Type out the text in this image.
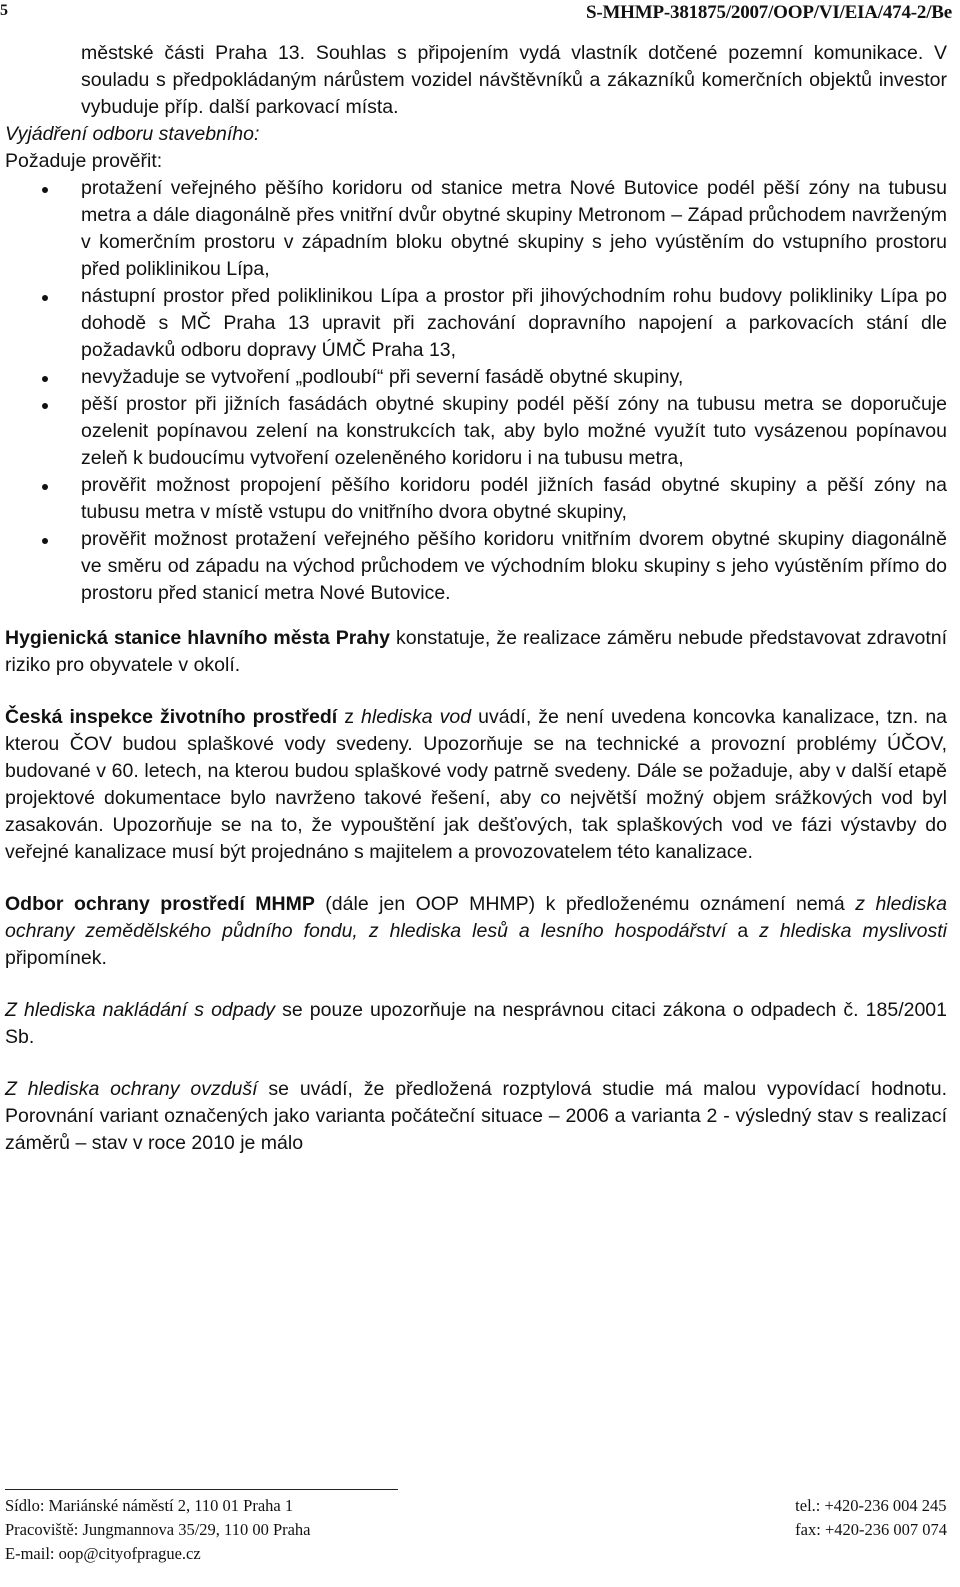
5	S-MHMP-381875/2007/OOP/VI/EIA/474-2/Be

městské části Praha 13. Souhlas s připojením vydá vlastník dotčené pozemní komunikace. V souladu s předpokládaným nárůstem vozidel návštěvníků a zákazníků komerčních objektů investor vybuduje příp. další parkovací místa.

Vyjádření odboru stavebního:

Požaduje prověřit:

protažení veřejného pěšího koridoru od stanice metra Nové Butovice podél pěší zóny na tubusu metra a dále diagonálně přes vnitřní dvůr obytné skupiny Metronom – Západ průchodem navrženým v komerčním prostoru v západním bloku obytné skupiny s jeho vyústěním do vstupního prostoru před poliklinikou Lípa,
nástupní prostor před poliklinikou Lípa a prostor při jihovýchodním rohu budovy polikliniky Lípa po dohodě s MČ Praha 13 upravit při zachování dopravního napojení a parkovacích stání dle požadavků odboru dopravy ÚMČ Praha 13,
nevyžaduje se vytvoření „podloubí“ při severní fasádě obytné skupiny,
pěší prostor při jižních fasádách obytné skupiny podél pěší zóny na tubusu metra se doporučuje ozelenit popínavou zelení na konstrukcích tak, aby bylo možné využít tuto vysázenou popínavou zeleň k budoucímu vytvoření ozeleněného koridoru i na tubusu metra,
prověřit možnost propojení pěšího koridoru podél jižních fasád obytné skupiny a pěší zóny na tubusu metra v místě vstupu do vnitřního dvora obytné skupiny,
prověřit možnost protažení veřejného pěšího koridoru vnitřním dvorem obytné skupiny diagonálně ve směru od západu na východ průchodem ve východním bloku skupiny s jeho vyústěním přímo do prostoru před stanicí metra Nové Butovice.

Hygienická stanice hlavního města Prahy konstatuje, že realizace záměru nebude představovat zdravotní riziko pro obyvatele v okolí.

Česká inspekce životního prostředí z hlediska vod uvádí, že není uvedena koncovka kanalizace, tzn. na kterou ČOV budou splaškové vody svedeny. Upozorňuje se na technické a provozní problémy ÚČOV, budované v 60. letech, na kterou budou splaškové vody patrně svedeny. Dále se požaduje, aby v další etapě projektové dokumentace bylo navrženo takové řešení, aby co největší možný objem srážkových vod byl zasakován. Upozorňuje se na to, že vypouštění jak dešťových, tak splaškových vod ve fázi výstavby do veřejné kanalizace musí být projednáno s majitelem a provozovatelem této kanalizace.

Odbor ochrany prostředí MHMP (dále jen OOP MHMP) k předloženému oznámení nemá z hlediska ochrany zemědělského půdního fondu, z hlediska lesů a lesního hospodářství a z hlediska myslivosti připomínek.

Z hlediska nakládání s odpady se pouze upozorňuje na nesprávnou citaci zákona o odpadech č. 185/2001 Sb.

Z hlediska ochrany ovzduší se uvádí, že předložená rozptylová studie má malou vypovídací hodnotu. Porovnání variant označených jako varianta počáteční situace – 2006 a varianta 2 - výsledný stav s realizací záměrů – stav v roce 2010 je málo

Sídlo: Mariánské náměstí 2, 110 01 Praha 1
Pracoviště: Jungmannova 35/29, 110 00 Praha
E-mail: oop@cityofprague.cz
tel.: +420-236 004 245
fax: +420-236 007 074
